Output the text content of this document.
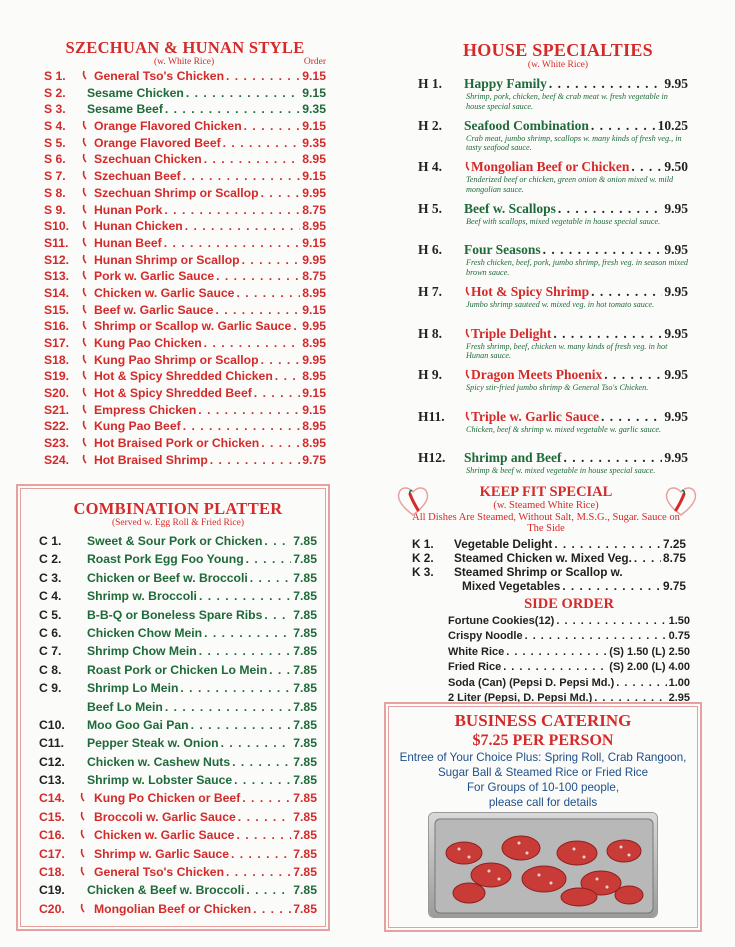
SZECHUAN & HUNAN STYLE
(w. White Rice)	Order
S 1.	General Tso's Chicken . . .	9.15
S 2.	Sesame Chicken . . .	9.15
S 3.	Sesame Beef . . .	9.35
S 4.	Orange Flavored Chicken . . .	9.15
S 5.	Orange Flavored Beef . . .	9.35
S 6.	Szechuan Chicken . . .	8.95
S 7.	Szechuan Beef . . .	9.15
S 8.	Szechuan Shrimp or Scallop . . .	9.95
S 9.	Hunan Pork . . .	8.75
S10.	Hunan Chicken . . .	8.95
S11.	Hunan Beef . . .	9.15
S12.	Hunan Shrimp or Scallop . . .	9.95
S13.	Pork w. Garlic Sauce . . .	8.75
S14.	Chicken w. Garlic Sauce . . .	8.95
S15.	Beef w. Garlic Sauce . . .	9.15
S16.	Shrimp or Scallop w. Garlic Sauce . . . 9.95
S17.	Kung Pao Chicken . . .	8.95
S18.	Kung Pao Shrimp or Scallop . . .	9.95
S19.	Hot & Spicy Shredded Chicken . . . 8.95
S20.	Hot & Spicy Shredded Beef . . .	9.15
S21.	Empress Chicken . . .	9.15
S22.	Kung Pao Beef . . .	8.95
S23.	Hot Braised Pork or Chicken . . .	8.95
S24.	Hot Braised Shrimp . . .	9.75
COMBINATION PLATTER
(Served w. Egg Roll & Fried Rice)
C 1.	Sweet & Sour Pork or Chicken . . .	7.85
C 2.	Roast Pork Egg Foo Young . . .	7.85
C 3.	Chicken or Beef w. Broccoli . . .	7.85
C 4.	Shrimp w. Broccoli . . .	7.85
C 5.	B-B-Q or Boneless Spare Ribs . . .	7.85
C 6.	Chicken Chow Mein . . .	7.85
C 7.	Shrimp Chow Mein . . .	7.85
C 8.	Roast Pork or Chicken Lo Mein . . . 7.85
C 9.	Shrimp Lo Mein . . .	7.85
Beef Lo Mein . . .	7.85
C10.	Moo Goo Gai Pan . . .	7.85
C11.	Pepper Steak w. Onion . . .	7.85
C12.	Chicken w. Cashew Nuts . . .	7.85
C13.	Shrimp w. Lobster Sauce . . .	7.85
C14.	Kung Po Chicken or Beef . . .	7.85
C15.	Broccoli w. Garlic Sauce . . .	7.85
C16.	Chicken w. Garlic Sauce . . .	7.85
C17.	Shrimp w. Garlic Sauce . . .	7.85
C18.	General Tso's Chicken . . .	7.85
C19.	Chicken & Beef w. Broccoli . . .	7.85
C20.	Mongolian Beef or Chicken . . .	7.85
HOUSE SPECIALTIES
(w. White Rice)
H 1.	Happy Family . . .	9.95
Shrimp, pork, chicken, beef & crab meat w. fresh vegetable in house special sauce.
H 2.	Seafood Combination . . .	10.25
Crab meat, jumbo shrimp, scallops w. many kinds of fresh veg., in tasty seafood sauce.
H 4.	Mongolian Beef or Chicken . . .	9.50
Tenderized beef or chicken, green onion & onion mixed w. mild mongolian sauce.
H 5.	Beef w. Scallops . . .	9.95
Beef with scallops, mixed vegetable in house special sauce.
H 6.	Four Seasons . . .	9.95
Fresh chicken, beef, pork, jumbo shrimp, fresh veg. in season mixed brown sauce.
H 7.	Hot & Spicy Shrimp . . .	9.95
Jumbo shrimp sauteed w. mixed veg. in hot tomato sauce.
H 8.	Triple Delight . . .	9.95
Fresh shrimp, beef, chicken w. many kinds of fresh veg. in hot Hunan sauce.
H 9.	Dragon Meets Phoenix . . .	9.95
Spicy stir-fried jumbo shrimp & General Tso's Chicken.
H11.	Triple w. Garlic Sauce . . .	9.95
Chicken, beef & shrimp w. mixed vegetable w. garlic sauce.
H12.	Shrimp and Beef . . .	9.95
Shrimp & beef w. mixed vegetable in house special sauce.
KEEP FIT SPECIAL
(w. Steamed White Rice)
All Dishes Are Steamed, Without Salt, M.S.G., Sugar. Sauce on The Side
K 1.	Vegetable Delight . . .	7.25
K 2.	Steamed Chicken w. Mixed Veg. . . .	8.75
K 3.	Steamed Shrimp or Scallop w.
Mixed Vegetables . . .	9.75
SIDE ORDER
Fortune Cookies(12) . . .	1.50
Crispy Noodle . . .	0.75
White Rice . . .	(S) 1.50 (L) 2.50
Fried Rice . . .	(S) 2.00 (L) 4.00
Soda (Can) (Pepsi D. Pepsi Md.) . . .	1.00
2 Liter (Pepsi, D. Pepsi Md.) . . .	2.95
BUSINESS CATERING
$7.25 PER PERSON
Entree of Your Choice Plus: Spring Roll, Crab Rangoon,
Sugar Ball & Steamed Rice or Fried Rice
For Groups of 10-100 people,
please call for details
